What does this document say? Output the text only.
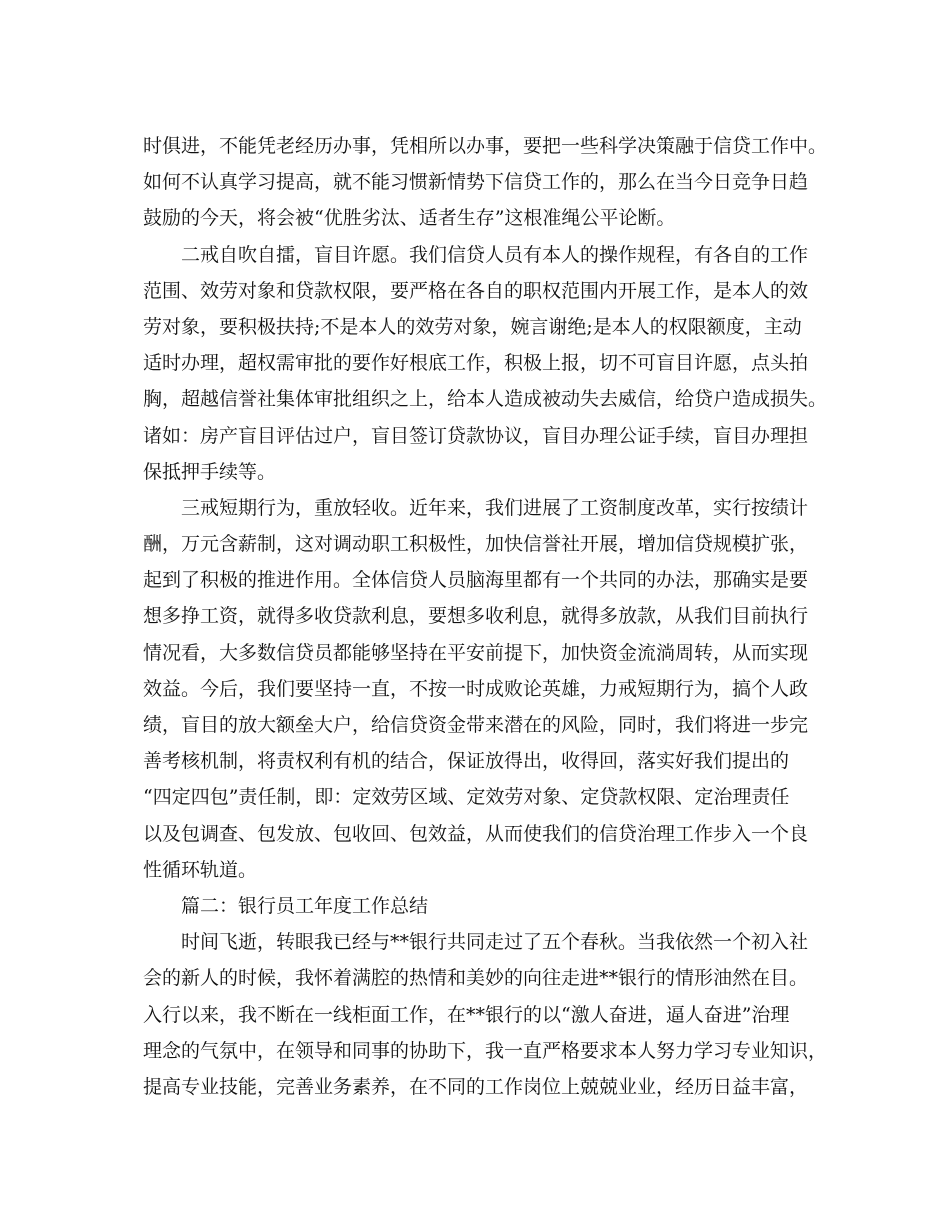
时俱进，不能凭老经历办事，凭相所以办事，要把一些科学决策融于信贷工作中。
如何不认真学习提高，就不能习惯新情势下信贷工作的，那么在当今日竞争日趋
鼓励的今天，将会被“优胜劣汰、适者生存”这根准绳公平论断。
二戒自吹自擂，盲目许愿。我们信贷人员有本人的操作规程，有各自的工作
范围、效劳对象和贷款权限，要严格在各自的职权范围内开展工作，是本人的效
劳对象，要积极扶持;不是本人的效劳对象，婉言谢绝;是本人的权限额度，主动
适时办理，超权需审批的要作好根底工作，积极上报，切不可盲目许愿，点头拍
胸，超越信誉社集体审批组织之上，给本人造成被动失去威信，给贷户造成损失。
诸如：房产盲目评估过户，盲目签订贷款协议，盲目办理公证手续，盲目办理担
保抵押手续等。
三戒短期行为，重放轻收。近年来，我们进展了工资制度改革，实行按绩计
酬，万元含薪制，这对调动职工积极性，加快信誉社开展，增加信贷规模扩张，
起到了积极的推进作用。全体信贷人员脑海里都有一个共同的办法，那确实是要
想多挣工资，就得多收贷款利息，要想多收利息，就得多放款，从我们目前执行
情况看，大多数信贷员都能够坚持在平安前提下，加快资金流淌周转，从而实现
效益。今后，我们要坚持一直，不按一时成败论英雄，力戒短期行为，搞个人政
绩，盲目的放大额垒大户，给信贷资金带来潜在的风险，同时，我们将进一步完
善考核机制，将责权利有机的结合，保证放得出，收得回，落实好我们提出的
“四定四包”责任制，即：定效劳区域、定效劳对象、定贷款权限、定治理责任
以及包调查、包发放、包收回、包效益，从而使我们的信贷治理工作步入一个良
性循环轨道。
篇二：银行员工年度工作总结
时间飞逝，转眼我已经与**银行共同走过了五个春秋。当我依然一个初入社
会的新人的时候，我怀着满腔的热情和美妙的向往走进**银行的情形油然在目。
入行以来，我不断在一线柜面工作，在**银行的以“激人奋进，逼人奋进”治理
理念的气氛中，在领导和同事的协助下，我一直严格要求本人努力学习专业知识，
提高专业技能，完善业务素养，在不同的工作岗位上兢兢业业，经历日益丰富，
